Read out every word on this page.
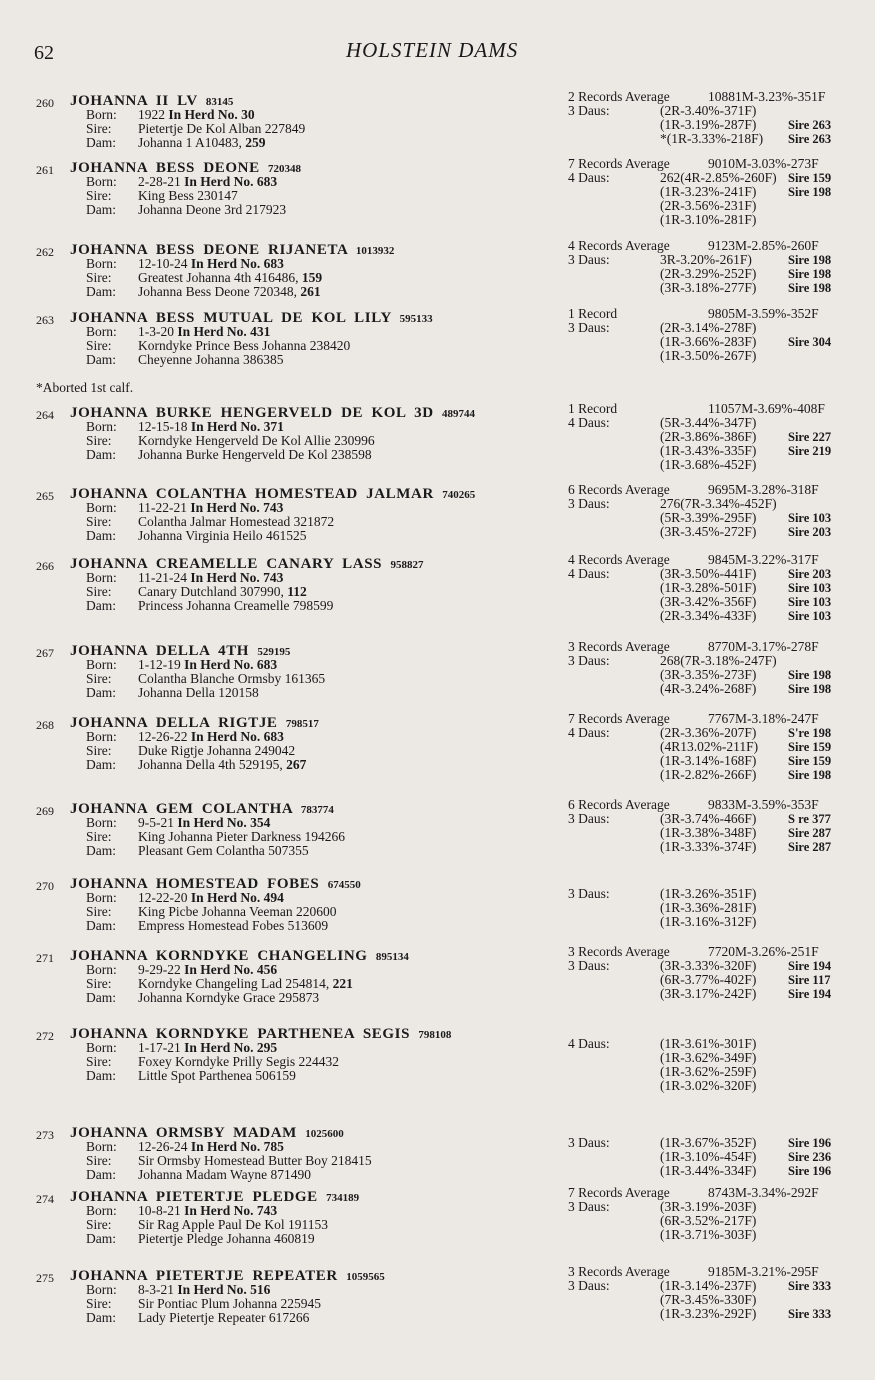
62	HOLSTEIN DAMS
260 JOHANNA II LV 83145
Born: 1922 In Herd No. 30
Sire: Pietertje De Kol Alban 227849
Dam: Johanna 1 A10483, 259
2 Records Average	10881M-3.23%-351F
3 Daus:	(2R-3.40%-371F)
(1R-3.19%-287F)	Sire 263
*(1R-3.33%-218F) Sire 263
261 JOHANNA BESS DEONE 720348
Born: 2-28-21 In Herd No. 683
Sire: King Bess 230147
Dam: Johanna Deone 3rd 217923
7 Records Average	9010M-3.03%-273F
4 Daus:	262(4R-2.85%-260F) Sire 159
(1R-3.23%-241F)	Sire 198
(2R-3.56%-231F)
(1R-3.10%-281F)
262 JOHANNA BESS DEONE RIJANETA 1013932
Born: 12-10-24 In Herd No. 683
Sire: Greatest Johanna 4th 416486, 159
Dam: Johanna Bess Deone 720348, 261
4 Records Average	9123M-2.85%-260F
3 Daus:	3R-3.20%-261F)	Sire 198
(2R-3.29%-252F)	Sire 198
(3R-3.18%-277F)	Sire 198
263 JOHANNA BESS MUTUAL DE KOL LILY 595133
Born: 1-3-20 In Herd No. 431
Sire: Korndyke Prince Bess Johanna 238420
Dam: Cheyenne Johanna 386385
1 Record	9805M-3.59%-352F
3 Daus:	(2R-3.14%-278F)
(1R-3.66%-283F)	Sire 304
(1R-3.50%-267F)
264 JOHANNA BURKE HENGERVELD DE KOL 3D 489744
Born: 12-15-18 In Herd No. 371
Sire: Korndyke Hengerveld De Kol Allie 230996
Dam: Johanna Burke Hengerveld De Kol 238598
1 Record	11057M-3.69%-408F
4 Daus:	(5R-3.44%-347F)
(2R-3.86%-386F)	Sire 227
(1R-3.43%-335F)	Sire 219
(1R-3.68%-452F)
265 JOHANNA COLANTHA HOMESTEAD JALMAR 740265
Born: 11-22-21 In Herd No. 743
Sire: Colantha Jalmar Homestead 321872
Dam: Johanna Virginia Heilo 461525
6 Records Average	9695M-3.28%-318F
3 Daus:	276(7R-3.34%-452F)
(5R-3.39%-295F)	Sire 103
(3R-3.45%-272F)	Sire 203
266 JOHANNA CREAMELLE CANARY LASS 958827
Born: 11-21-24 In Herd No. 743
Sire: Canary Dutchland 307990, 112
Dam: Princess Johanna Creamelle 798599
4 Records Average	9845M-3.22%-317F
4 Daus:	(3R-3.50%-441F)	Sire 203
(1R-3.28%-501F)	Sire 103
(3R-3.42%-356F)	Sire 103
(2R-3.34%-433F)	Sire 103
267 JOHANNA DELLA 4TH 529195
Born: 1-12-19 In Herd No. 683
Sire: Colantha Blanche Ormsby 161365
Dam: Johanna Della 120158
3 Records Average	8770M-3.17%-278F
3 Daus:	268(7R-3.18%-247F)
(3R-3.35%-273F)	Sire 198
(4R-3.24%-268F)	Sire 198
268 JOHANNA DELLA RIGTJE 798517
Born: 12-26-22 In Herd No. 683
Sire: Duke Rigtje Johanna 249042
Dam: Johanna Della 4th 529195, 267
7 Records Average	7767M-3.18%-247F
4 Daus:	(2R-3.36%-207F)	S're 198
(4R13.02%-211F) Sire 159
(1R-3.14%-168F)	Sire 159
(1R-2.82%-266F)	Sire 198
269 JOHANNA GEM COLANTHA 783774
Born: 9-5-21 In Herd No. 354
Sire: King Johanna Pieter Darkness 194266
Dam: Pleasant Gem Colantha 507355
6 Records Average	9833M-3.59%-353F
3 Daus:	(3R-3.74%-466F)	S re 377
(1R-3.38%-348F)	Sire 287
(1R-3.33%-374F)	Sire 287
270 JOHANNA HOMESTEAD FOBES 674550
Born: 12-22-20 In Herd No. 494
Sire: King Picbe Johanna Veeman 220600
Dam: Empress Homestead Fobes 513609
3 Daus:	(1R-3.26%-351F)
(1R-3.36%-281F)
(1R-3.16%-312F)
271 JOHANNA KORNDYKE CHANGELING 895134
Born: 9-29-22 In Herd No. 456
Sire: Korndyke Changeling Lad 254814, 221
Dam: Johanna Korndyke Grace 295873
3 Records Average	7720M-3.26%-251F
3 Daus:	(3R-3.33%-320F)	Sire 194
(6R-3.77%-402F)	Sire 117
(3R-3.17%-242F)	Sire 194
272 JOHANNA KORNDYKE PARTHENEA SEGIS 798108
Born: 1-17-21 In Herd No. 295
Sire: Foxey Korndyke Prilly Segis 224432
Dam: Little Spot Parthenea 506159
4 Daus:	(1R-3.61%-301F)
(1R-3.62%-349F)
(1R-3.62%-259F)
(1R-3.02%-320F)
273 JOHANNA ORMSBY MADAM 1025600
Born: 12-26-24 In Herd No. 785
Sire: Sir Ormsby Homestead Butter Boy 218415
Dam: Johanna Madam Wayne 871490
3 Daus:	(1R-3.67%-352F)	Sire 196
(1R-3.10%-454F)	Sire 236
(1R-3.44%-334F)	Sire 196
274 JOHANNA PIETERTJE PLEDGE 734189
Born: 10-8-21 In Herd No. 743
Sire: Sir Rag Apple Paul De Kol 191153
Dam: Pietertje Pledge Johanna 460819
7 Records Average	8743M-3.34%-292F
3 Daus:	(3R-3.19%-203F)
(6R-3.52%-217F)
(1R-3.71%-303F)
275 JOHANNA PIETERTJE REPEATER 1059565
Born: 8-3-21 In Herd No. 516
Sire: Sir Pontiac Plum Johanna 225945
Dam: Lady Pietertje Repeater 617266
3 Records Average	9185M-3.21%-295F
3 Daus:	(1R-3.14%-237F)	Sire 333
(7R-3.45%-330F)
(1R-3.23%-292F)	Sire 333
*Aborted 1st calf.
